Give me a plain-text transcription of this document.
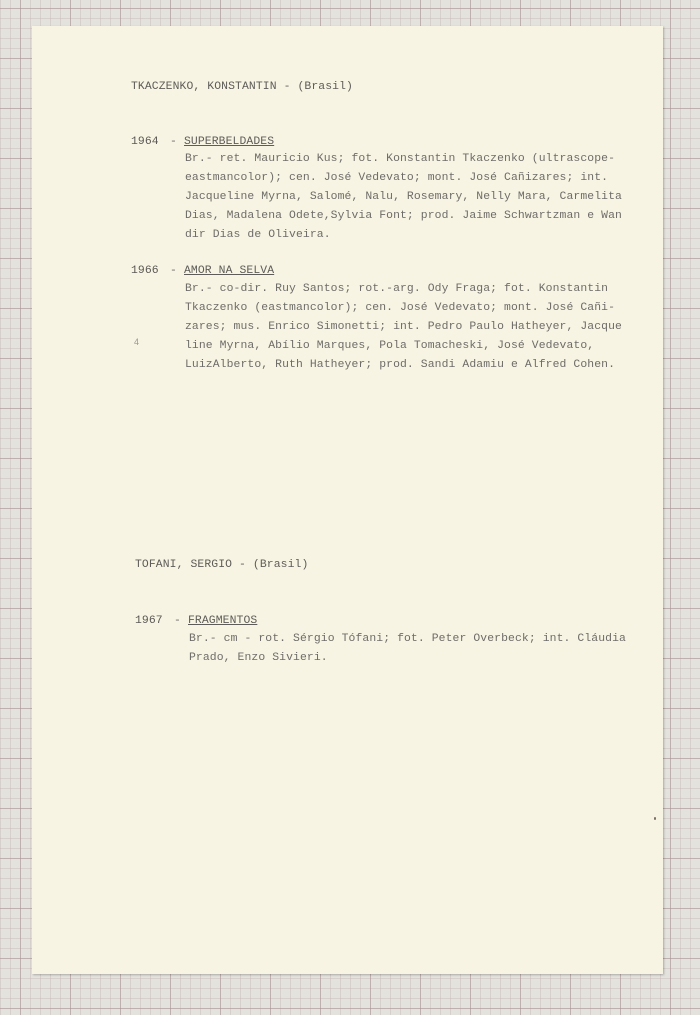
TKACZENKO, KONSTANTIN - (Brasil)
1964 - SUPERBELDADES
Br.- ret. Mauricio Kus; fot. Konstantin Tkaczenko (ultrascope-
eastmancolor); cen. José Vedevato; mont. José Cañizares; int.
Jacqueline Myrna, Salomé, Nalu, Rosemary, Nelly Mara, Carmelita
Dias, Madalena Odete,Sylvia Font; prod. Jaime Schwartzman e Wan
dir Dias de Oliveira.
1966 - AMOR NA SELVA
Br.- co-dir. Ruy Santos; rot.-arg. Ody Fraga; fot. Konstantin
Tkaczenko (eastmancolor); cen. José Vedevato; mont. José Cañi-
zares; mus. Enrico Simonetti; int. Pedro Paulo Hatheyer, Jacque
line Myrna, Abílio Marques, Pola Tomacheski, José Vedevato,
LuizAlberto, Ruth Hatheyer; prod. Sandi Adamiu e Alfred Cohen.
4
TOFANI, SERGIO - (Brasil)
1967 - FRAGMENTOS
Br.- cm - rot. Sérgio Tófani; fot. Peter Overbeck; int. Cláudia
Prado, Enzo Sivieri.
